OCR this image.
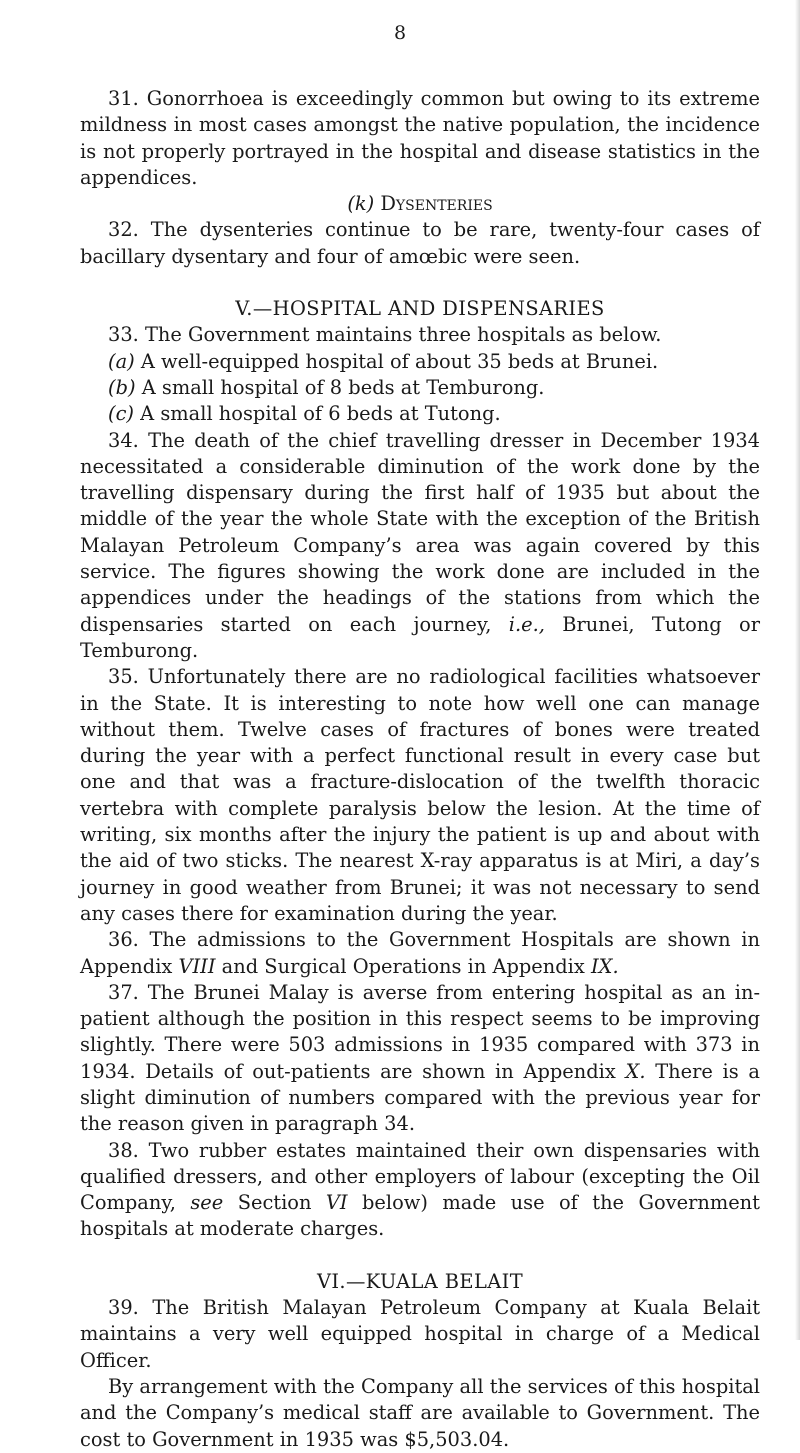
8

31. Gonorrhoea is exceedingly common but owing to its extreme mildness in most cases amongst the native population, the incidence is not properly portrayed in the hospital and disease statistics in the appendices.

(k) Dysenteries

32. The dysenteries continue to be rare, twenty-four cases of bacillary dysentary and four of amœbic were seen.

V.—HOSPITAL AND DISPENSARIES

33. The Government maintains three hospitals as below.

(a) A well-equipped hospital of about 35 beds at Brunei.

(b) A small hospital of 8 beds at Temburong.

(c) A small hospital of 6 beds at Tutong.

34. The death of the chief travelling dresser in December 1934 necessitated a considerable diminution of the work done by the travelling dispensary during the first half of 1935 but about the middle of the year the whole State with the exception of the British Malayan Petroleum Company’s area was again covered by this service. The figures showing the work done are included in the appendices under the headings of the stations from which the dispensaries started on each journey, i.e., Brunei, Tutong or Temburong.

35. Unfortunately there are no radiological facilities whatsoever in the State. It is interesting to note how well one can manage without them. Twelve cases of fractures of bones were treated during the year with a perfect functional result in every case but one and that was a fracture-dislocation of the twelfth thoracic vertebra with complete paralysis below the lesion. At the time of writing, six months after the injury the patient is up and about with the aid of two sticks. The nearest X-ray apparatus is at Miri, a day’s journey in good weather from Brunei; it was not necessary to send any cases there for examination during the year.

36. The admissions to the Government Hospitals are shown in Appendix VIII and Surgical Operations in Appendix IX.

37. The Brunei Malay is averse from entering hospital as an in-patient although the position in this respect seems to be improving slightly. There were 503 admissions in 1935 compared with 373 in 1934. Details of out-patients are shown in Appendix X. There is a slight diminution of numbers compared with the previous year for the reason given in paragraph 34.

38. Two rubber estates maintained their own dispensaries with qualified dressers, and other employers of labour (excepting the Oil Company, see Section VI below) made use of the Government hospitals at moderate charges.

VI.—KUALA BELAIT

39. The British Malayan Petroleum Company at Kuala Belait maintains a very well equipped hospital in charge of a Medical Officer.

By arrangement with the Company all the services of this hospital and the Company’s medical staff are available to Government. The cost to Government in 1935 was $5,503.04.
